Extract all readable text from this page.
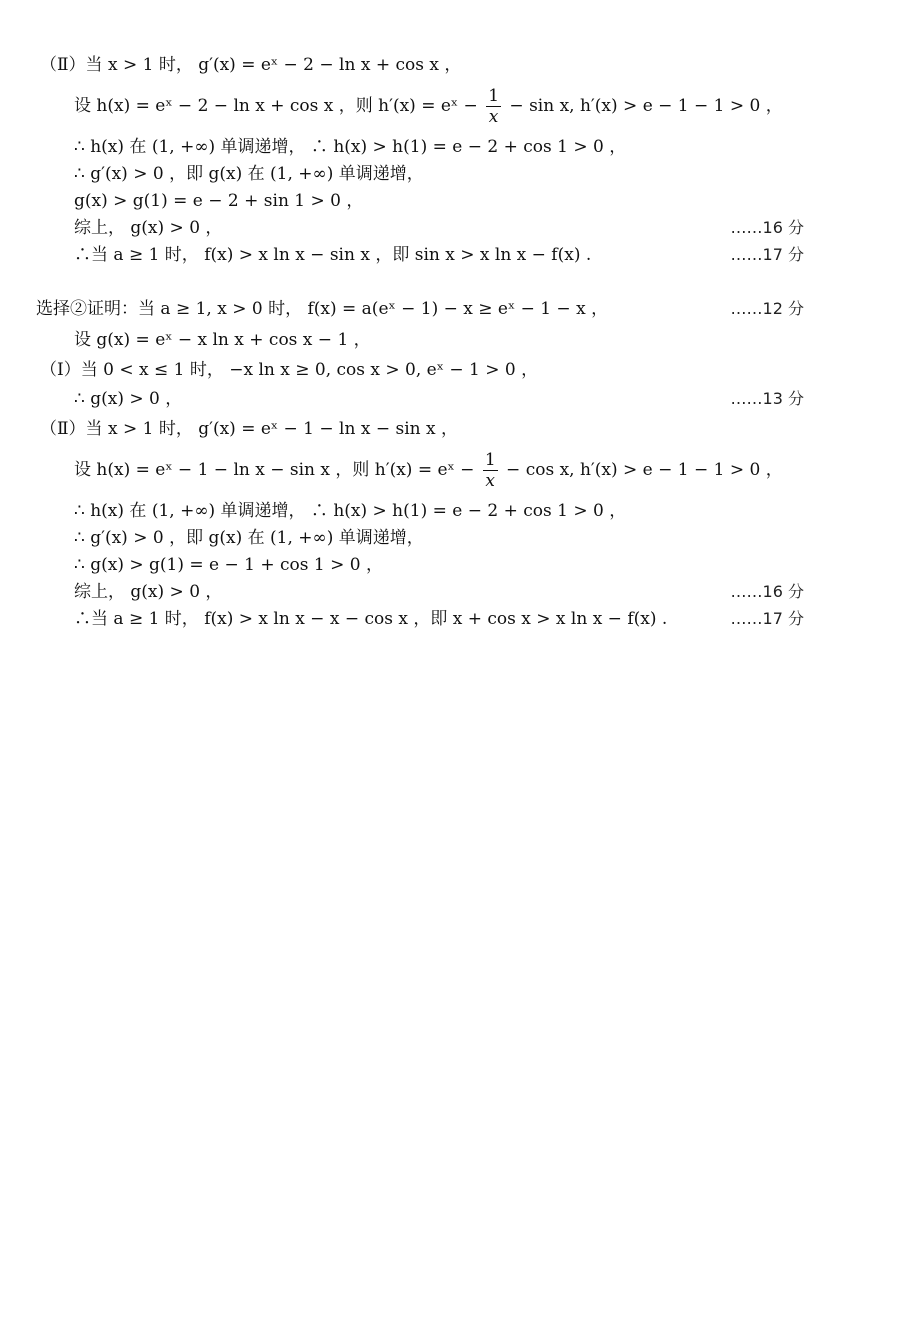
（Ⅱ）当 x > 1 时， g′(x) = eˣ − 2 − ln x + cos x ，
设 h(x) = eˣ − 2 − ln x + cos x ，则 h′(x) = eˣ − $\frac{1}{x} - \sin x$, h′(x) > e − 1 − 1 > 0 ，
∴ h(x) 在 (1, +∞) 单调递增， ∴ h(x) > h(1) = e − 2 + cos 1 > 0 ，
∴ g′(x) > 0 ，即 g(x) 在 (1, +∞) 单调递增，
g(x) > g(1) = e − 2 + sin 1 > 0 ，
综上， g(x) > 0 ，	……16 分
∴当 a ≥ 1 时， f(x) > x ln x − sin x ，即 sin x > x ln x − f(x) .	……17 分
选择②证明：当 a ≥ 1, x > 0 时， f(x) = a(eˣ − 1) − x ≥ eˣ − 1 − x ，	……12 分
设 g(x) = eˣ − x ln x + cos x − 1 ，
（Ⅰ）当 0 < x ≤ 1 时， −x ln x ≥ 0, cos x > 0, eˣ − 1 > 0 ，
∴ g(x) > 0 ，	……13 分
（Ⅱ）当 x > 1 时， g′(x) = eˣ − 1 − ln x − sin x ，
设 h(x) = eˣ − 1 − ln x − sin x ，则 h′(x) = eˣ − $\frac{1}{x} - \cos x$, h′(x) > e − 1 − 1 > 0 ，
∴ h(x) 在 (1, +∞) 单调递增， ∴ h(x) > h(1) = e − 2 + cos 1 > 0 ，
∴ g′(x) > 0 ，即 g(x) 在 (1, +∞) 单调递增，
∴ g(x) > g(1) = e − 1 + cos 1 > 0 ，
综上， g(x) > 0 ，	……16 分
∴当 a ≥ 1 时， f(x) > x ln x − x − cos x ，即 x + cos x > x ln x − f(x) .	……17 分
